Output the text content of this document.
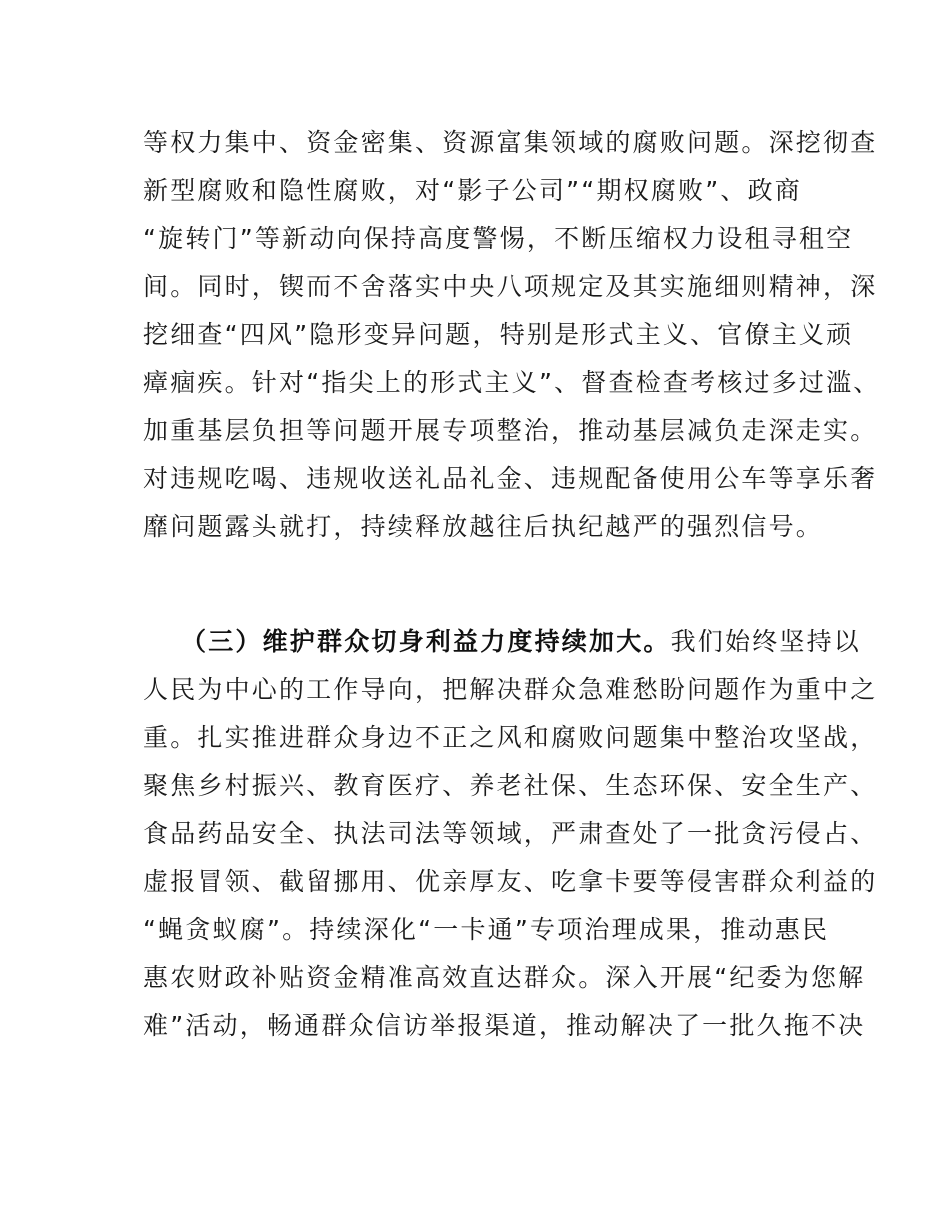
等权力集中、资金密集、资源富集领域的腐败问题。深挖彻查
新型腐败和隐性腐败，对“影子公司”“期权腐败”、政商
“旋转门”等新动向保持高度警惕，不断压缩权力设租寻租空
间。同时，锲而不舍落实中央八项规定及其实施细则精神，深
挖细查“四风”隐形变异问题，特别是形式主义、官僚主义顽
瘴痼疾。针对“指尖上的形式主义”、督查检查考核过多过滥、
加重基层负担等问题开展专项整治，推动基层减负走深走实。
对违规吃喝、违规收送礼品礼金、违规配备使用公车等享乐奢
靡问题露头就打，持续释放越往后执纪越严的强烈信号。
（三）维护群众切身利益力度持续加大。我们始终坚持以
人民为中心的工作导向，把解决群众急难愁盼问题作为重中之
重。扎实推进群众身边不正之风和腐败问题集中整治攻坚战，
聚焦乡村振兴、教育医疗、养老社保、生态环保、安全生产、
食品药品安全、执法司法等领域，严肃查处了一批贪污侵占、
虚报冒领、截留挪用、优亲厚友、吃拿卡要等侵害群众利益的
“蝇贪蚁腐”。持续深化“一卡通”专项治理成果，推动惠民
惠农财政补贴资金精准高效直达群众。深入开展“纪委为您解
难”活动，畅通群众信访举报渠道，推动解决了一批久拖不决
